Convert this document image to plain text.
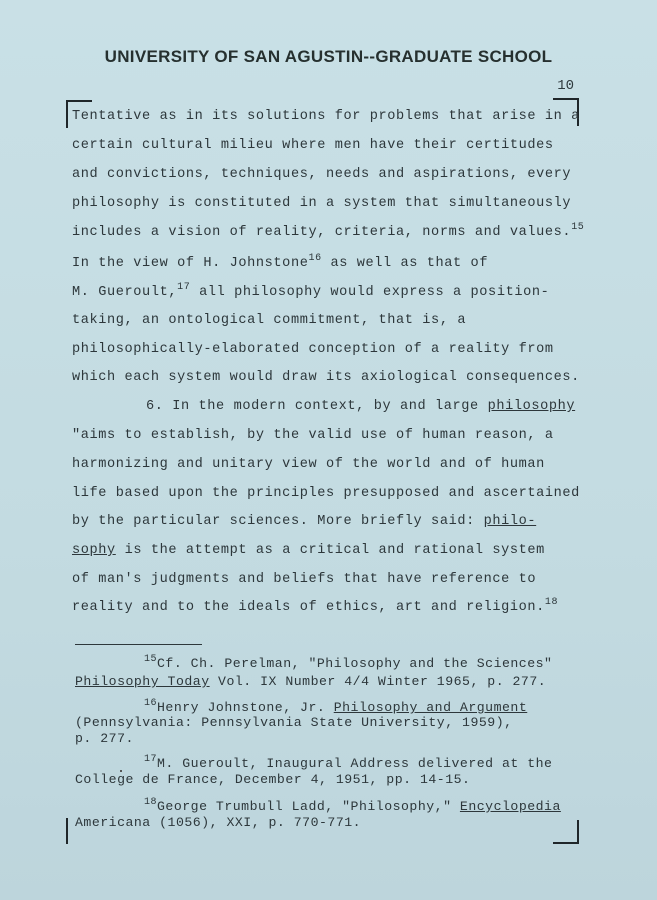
UNIVERSITY OF SAN AGUSTIN--GRADUATE SCHOOL
10
Tentative as in its solutions for problems that arise in a
certain cultural milieu where men have their certitudes
and convictions, techniques, needs and aspirations, every
philosophy is constituted in a system that simultaneously
includes a vision of reality, criteria, norms and values.$^{15}$
In the view of H. Johnstone$^{16}$ as well as that of
M. Gueroult,$^{17}$ all philosophy would express a position-
taking, an ontological commitment, that is, a
philosophically-elaborated conception of a reality from
which each system would draw its axiological consequences.
6. In the modern context, by and large philosophy
"aims to establish, by the valid use of human reason, a
harmonizing and unitary view of the world and of human
life based upon the principles presupposed and ascertained
by the particular sciences. More briefly said: philo-
sophy is the attempt as a critical and rational system
of man's judgments and beliefs that have reference to
reality and to the ideals of ethics, art and religion.$^{18}$
$^{15}$Cf. Ch. Perelman, "Philosophy and the Sciences"
Philosophy Today Vol. IX Number 4/4 Winter 1965, p. 277.
$^{16}$Henry Johnstone, Jr. Philosophy and Argument
(Pennsylvania: Pennsylvania State University, 1959),
p. 277.
$^{17}$M. Gueroult, Inaugural Address delivered at the
College de France, December 4, 1951, pp. 14-15.
$^{18}$George Trumbull Ladd, "Philosophy," Encyclopedia
Americana (1056), XXI, p. 770-771.
